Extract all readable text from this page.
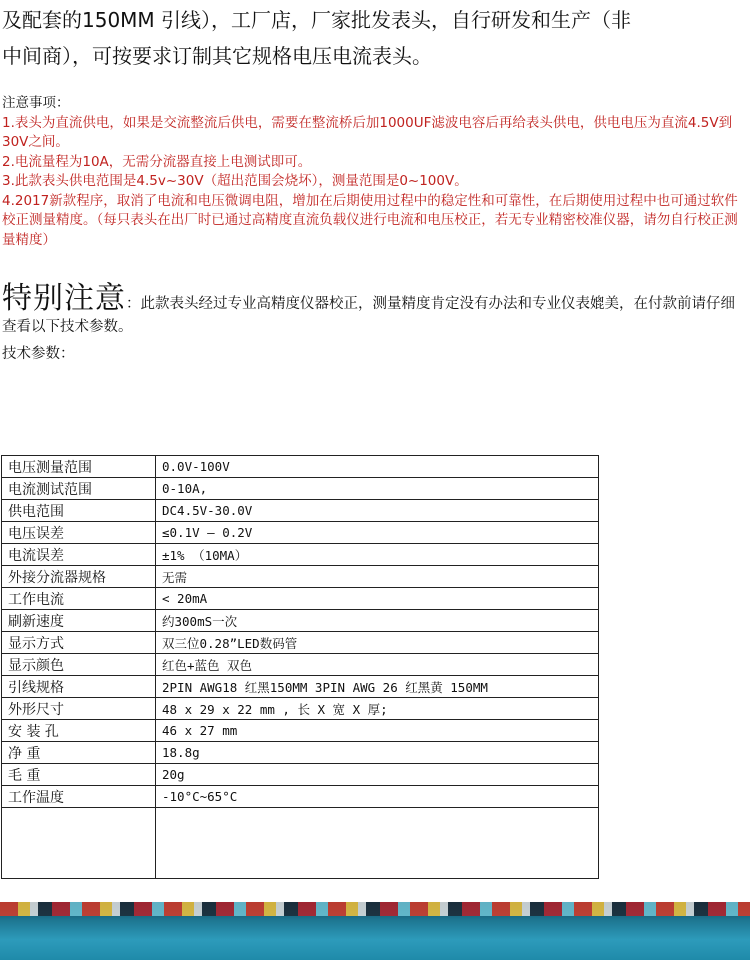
及配套的150MM 引线），工厂店，厂家批发表头，自行研发和生产（非
中间商），可按要求订制其它规格电压电流表头。
注意事项：
1.表头为直流供电，如果是交流整流后供电，需要在整流桥后加1000UF滤波电容后再给表头供电，供电电压为直流4.5V到30V之间。
2.电流量程为10A，无需分流器直接上电测试即可。
3.此款表头供电范围是4.5v~30V（超出范围会烧坏），测量范围是0~100V。
4.2017新款程序，取消了电流和电压微调电阻，增加在后期使用过程中的稳定性和可靠性，在后期使用过程中也可通过软件校正测量精度。（每只表头在出厂时已通过高精度直流负载仪进行电流和电压校正，若无专业精密校准仪器，请勿自行校正测量精度）
特别注意：此款表头经过专业高精度仪器校正，测量精度肯定没有办法和专业仪表媲美，在付款前请仔细查看以下技术参数。
技术参数：
电压测量范围	0.0V-100V
电流测试范围	0-10A,
供电范围	DC4.5V-30.0V
电压误差	≤0.1V — 0.2V
电流误差	±1% （10MA）
外接分流器规格	无需
工作电流	< 20mA
刷新速度	约300mS一次
显示方式	双三位0.28”LED数码管
显示颜色	红色+蓝色 双色
引线规格	2PIN AWG18 红黑150MM 3PIN AWG 26 红黑黄 150MM
外形尺寸	48 x 29 x 22 mm , 长 X 宽 X 厚;
安 装 孔	46 x 27 mm
净 重	18.8g
毛 重	20g
工作温度	-10°C~65°C
